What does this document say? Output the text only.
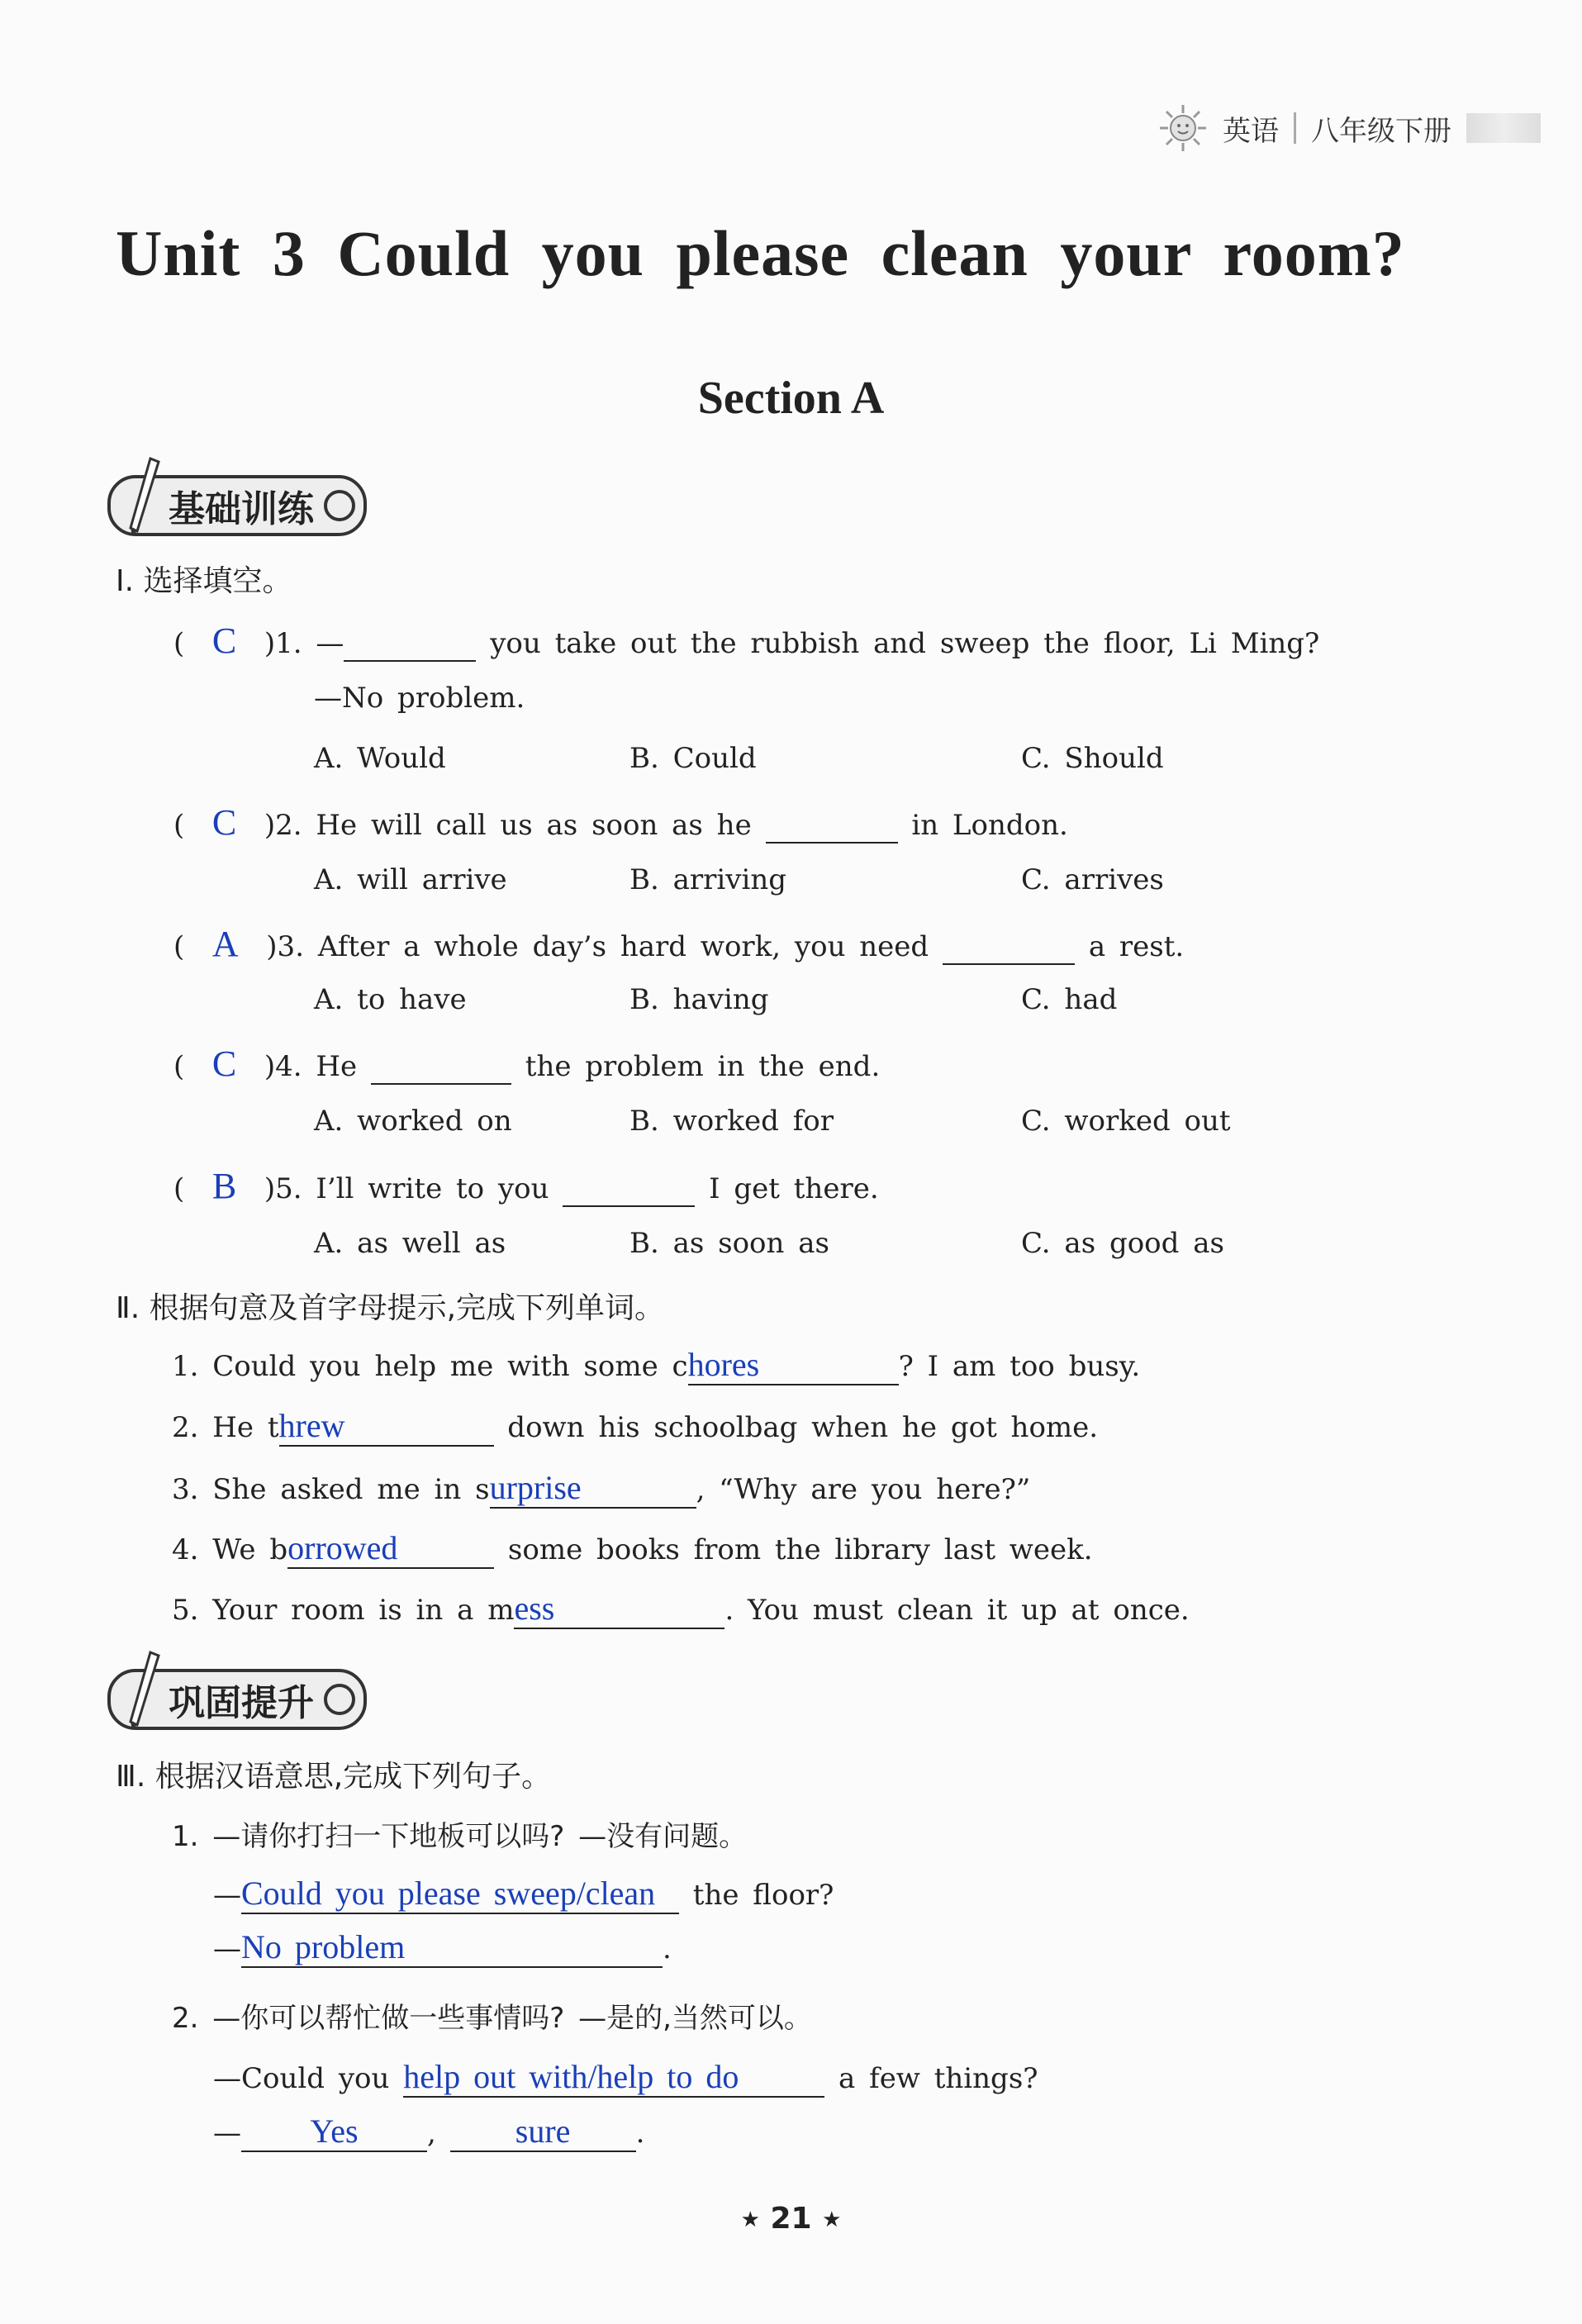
英语 八年级下册
Unit 3 Could you please clean your room?
Section A
基础训练
Ⅰ. 选择填空。
(  C )1. —	you take out the rubbish and sweep the floor, Li Ming?
—No problem.
A. Would	B. Could	C. Should
(  C )2. He will call us as soon as he	in London.
A. will arrive	B. arriving	C. arrives
(  A )3. After a whole day’s hard work, you need	a rest.
A. to have	B. having	C. had
(  C )4. He	the problem in the end.
A. worked on	B. worked for	C. worked out
(  B )5. I’ll write to you	I get there.
A. as well as	B. as soon as	C. as good as
Ⅱ. 根据句意及首字母提示,完成下列单词。
1. Could you help me with some chores	? I am too busy.
2. He threw	down his schoolbag when he got home.
3. She asked me in surprise	, “Why are you here?”
4. We borrowed	some books from the library last week.
5. Your room is in a mess	. You must clean it up at once.
巩固提升
Ⅲ. 根据汉语意思,完成下列句子。
1. —请你打扫一下地板可以吗? —没有问题。
—Could you please sweep/clean the floor?
—No problem	.
2. —你可以帮忙做一些事情吗? —是的,当然可以。
—Could you help out with/help to do	a few things?
— Yes , sure .
★ 21 ★
